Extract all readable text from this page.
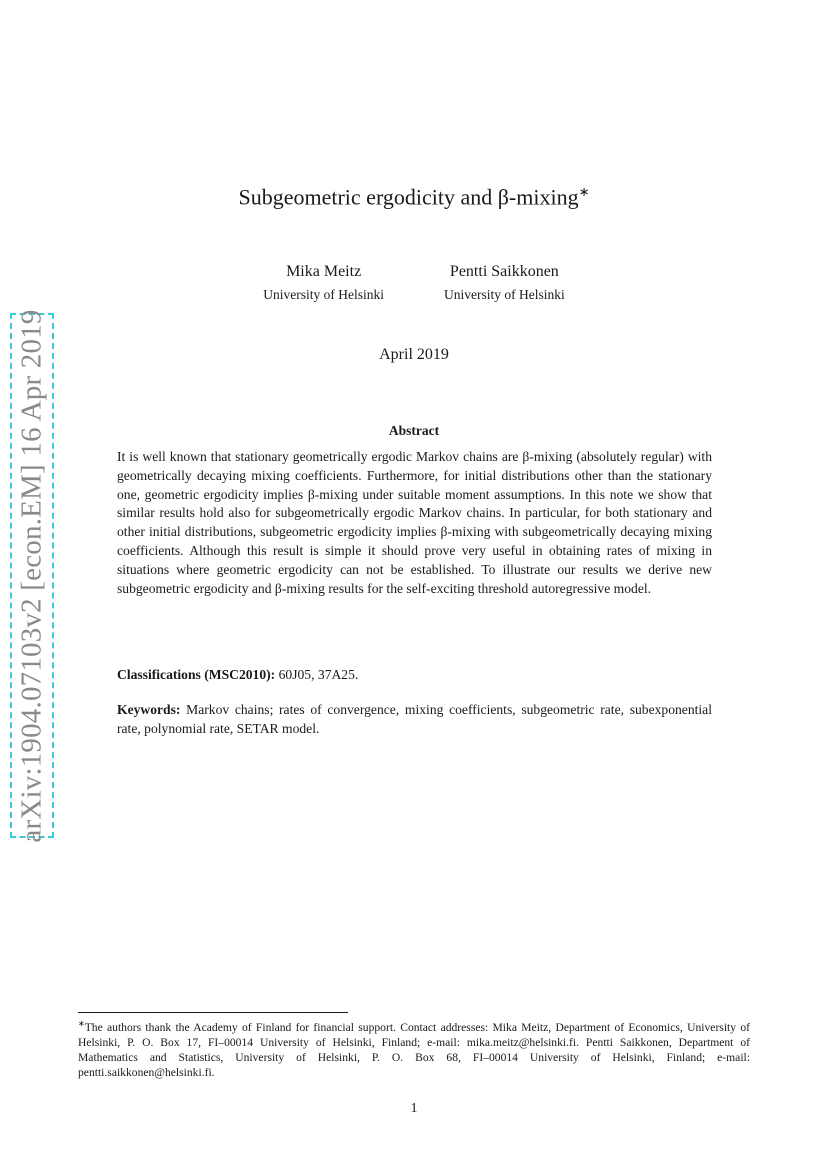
arXiv:1904.07103v2 [econ.EM] 16 Apr 2019
Subgeometric ergodicity and β-mixing∗
Mika Meitz
University of Helsinki
Pentti Saikkonen
University of Helsinki
April 2019
Abstract
It is well known that stationary geometrically ergodic Markov chains are β-mixing (absolutely regular) with geometrically decaying mixing coefficients. Furthermore, for initial distributions other than the stationary one, geometric ergodicity implies β-mixing under suitable moment assumptions. In this note we show that similar results hold also for subgeometrically ergodic Markov chains. In particular, for both stationary and other initial distributions, subgeometric ergodicity implies β-mixing with subgeometrically decaying mixing coefficients. Although this result is simple it should prove very useful in obtaining rates of mixing in situations where geometric ergodicity can not be established. To illustrate our results we derive new subgeometric ergodicity and β-mixing results for the self-exciting threshold autoregressive model.
Classifications (MSC2010): 60J05, 37A25.
Keywords: Markov chains; rates of convergence, mixing coefficients, subgeometric rate, subexponential rate, polynomial rate, SETAR model.
∗The authors thank the Academy of Finland for financial support. Contact addresses: Mika Meitz, Department of Economics, University of Helsinki, P. O. Box 17, FI–00014 University of Helsinki, Finland; e-mail: mika.meitz@helsinki.fi. Pentti Saikkonen, Department of Mathematics and Statistics, University of Helsinki, P. O. Box 68, FI–00014 University of Helsinki, Finland; e-mail: pentti.saikkonen@helsinki.fi.
1
